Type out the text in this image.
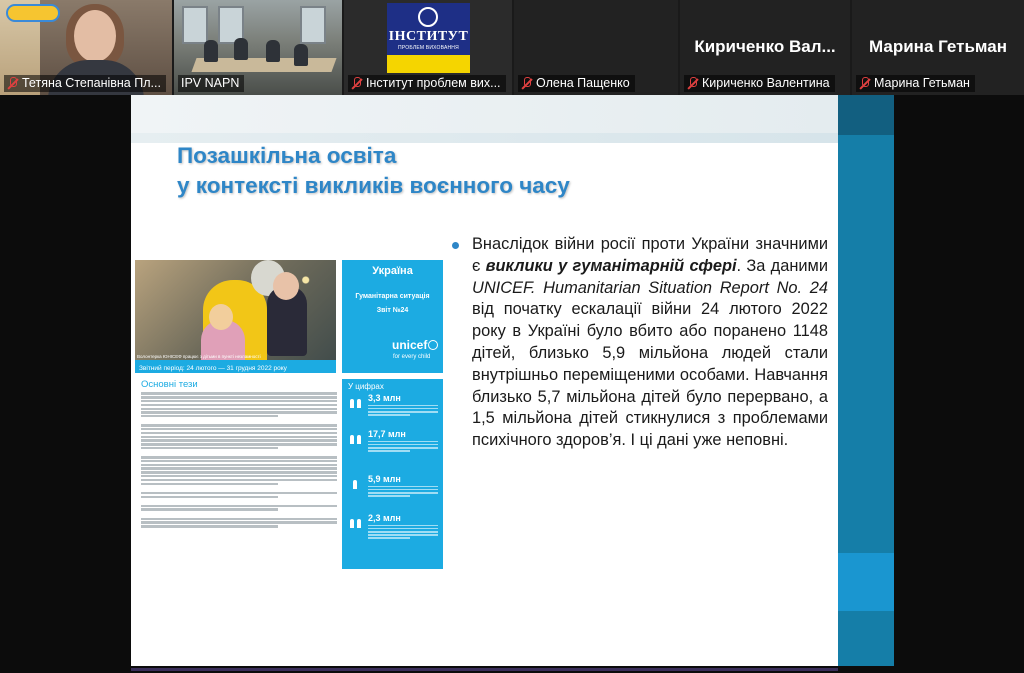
Тетяна Степанівна Пл... IPV NAPN
ІНСТИТУТ
ПРОБЛЕМ ВИХОВАННЯ
Інститут проблем вих...	Олена Пащенко
Кириченко Вал...
Кириченко Валентина
Марина Гетьман
Марина Гетьман
Позашкільна освіта
у контексті викликів воєнного часу
Волонтерка ЮНІСЕФ працює з дітьми в пункті незламності
Звітний період: 24 лютого — 31 грудня 2022 року
Україна
Гуманітарна ситуація
Звіт №24
unicef
for every child
Основні тези	У цифрах
3,3 млн
17,7 млн
5,9 млн
2,3 млн
Внаслідок війни росії проти України значними є виклики у гуманітарній сфері. За даними UNICEF. Humanitarian Situation Report No. 24 від початку ескалації війни 24 лютого 2022 року в Україні було вбито або поранено 1148 дітей, близько 5,9 мільйона людей стали внутрішньо переміщеними особами. Навчання близько 5,7 мільйона дітей було перервано, а 1,5 мільйона дітей стикнулися з проблемами психічного здоров’я. І ці дані уже неповні.
